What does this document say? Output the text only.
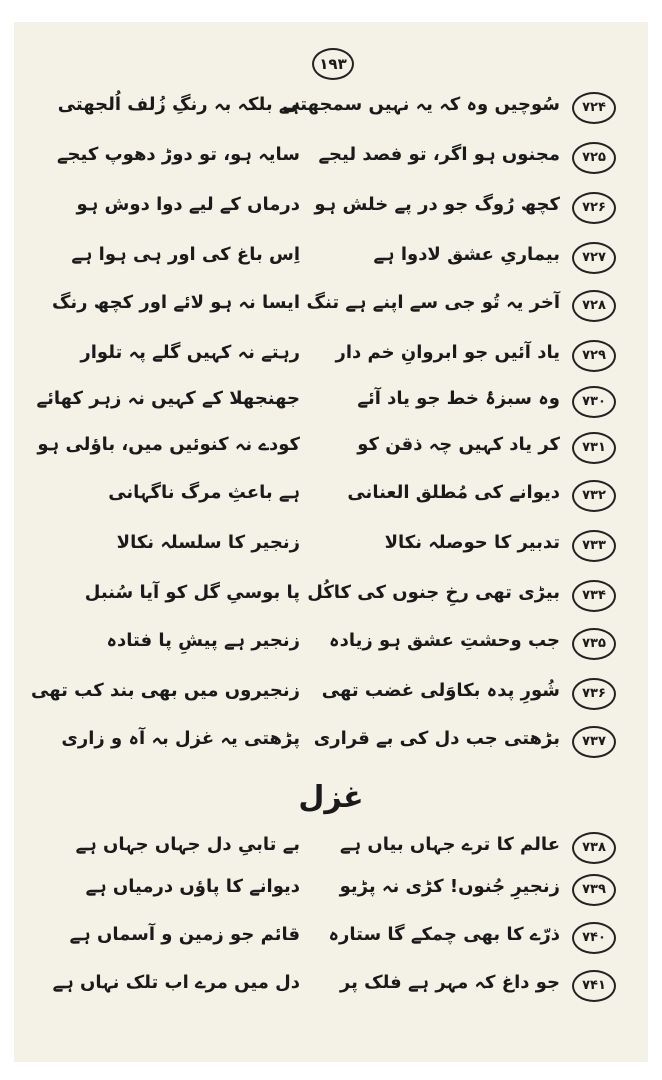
۱۹۳
۷۲۴
سُوچیں وہ کہ یہ نہیں سمجھتی
ہے بلکہ بہ رنگِ زُلف اُلجھتی
۷۲۵
مجنوں ہو اگر، تو فصد لیجے
سایہ ہو، تو دوڑ دھوپ کیجے
۷۲۶
کچھ رُوگ جو در پے خلش ہو
درماں کے لیے دوا دوش ہو
۷۲۷
بیماریِ عشق لادوا ہے
اِس باغ کی اور ہی ہوا ہے
۷۲۸
آخر یہ تُو جی سے اپنے ہے تنگ
ایسا نہ ہو لائے اور کچھ رنگ
۷۲۹
یاد آئیں جو ابروانِ خم دار
رہتے نہ کہیں گلے پہ تلوار
۷۳۰
وہ سبزۂ خط جو یاد آئے
جھنجھلا کے کہیں نہ زہر کھائے
۷۳۱
کر یاد کہیں چہ ذقن کو
کودے نہ کنوئیں میں، باؤلی ہو
۷۳۲
دیوانے کی مُطلق العنانی
ہے باعثِ مرگ ناگہانی
۷۳۳
تدبیر کا حوصلہ نکالا
زنجیر کا سلسلہ نکالا
۷۳۴
بیڑی تھی رخِ جنوں کی کاکُل
پا بوسیِ گل کو آیا سُنبل
۷۳۵
جب وحشتِ عشق ہو زیادہ
زنجیر ہے پیشِ پا فتادہ
۷۳۶
شُورِ پدہ بکاوَلی غضب تھی
زنجیروں میں بھی بند کب تھی
۷۳۷
بڑھتی جب دل کی بے قراری
پڑھتی یہ غزل بہ آہ و زاری
غزل
۷۳۸
عالم کا ترے جہاں بیاں ہے
بے تابیِ دل جہاں جہاں ہے
۷۳۹
زنجیرِ جُنوں! کڑی نہ پڑیو
دیوانے کا پاؤں درمیاں ہے
۷۴۰
ذرّے کا بھی چمکے گا ستارہ
قائم جو زمین و آسماں ہے
۷۴۱
جو داغ کہ مہر ہے فلک پر
دل میں مرے اب تلک نہاں ہے
